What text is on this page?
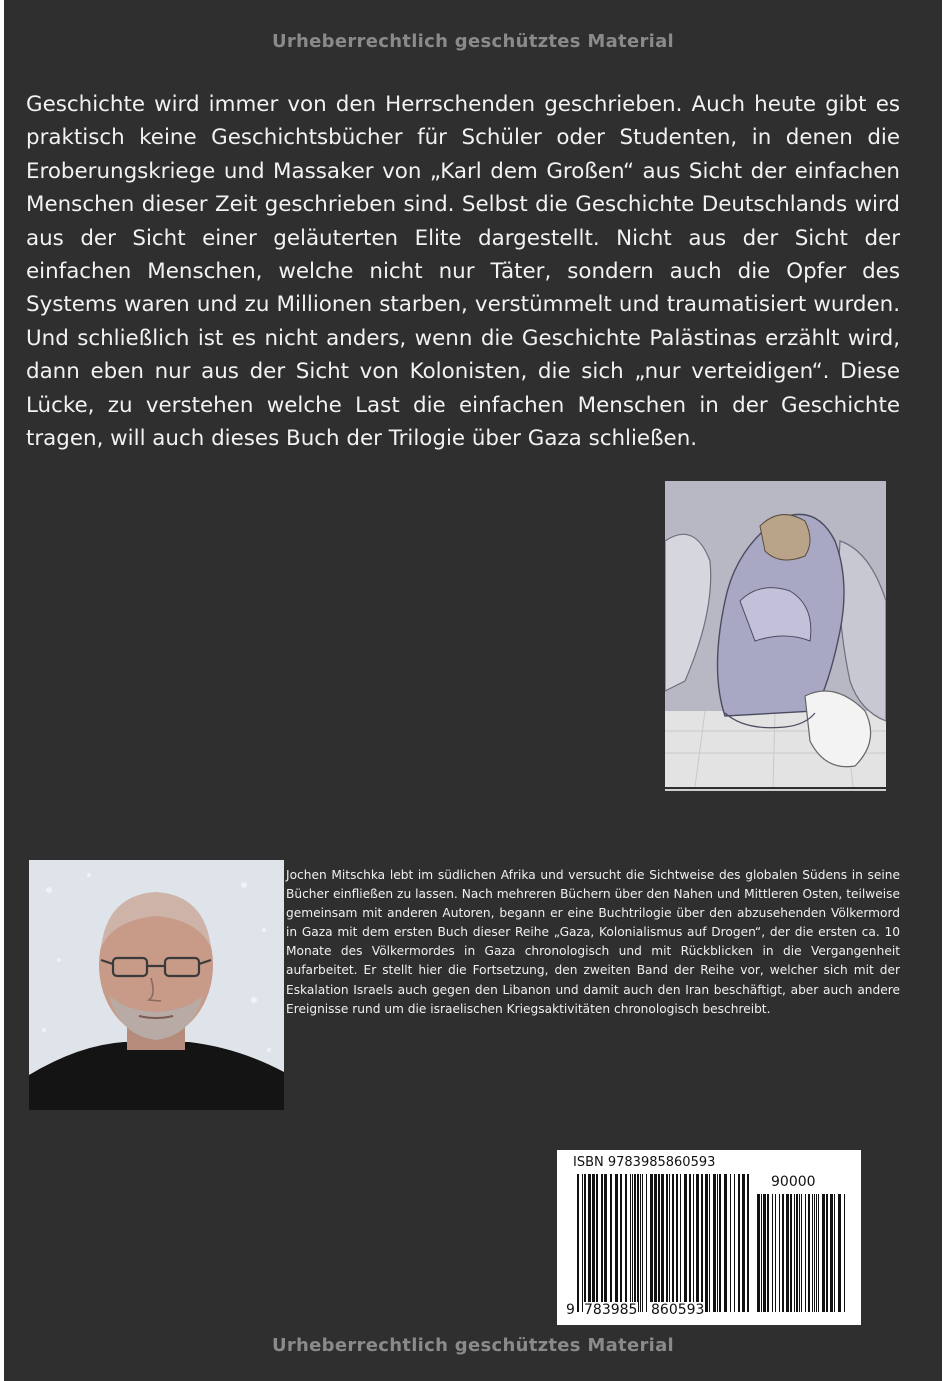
Urheberrechtlich geschütztes Material

Geschichte wird immer von den Herrschenden geschrieben. Auch heute gibt es praktisch keine Geschichtsbücher für Schüler oder Studenten, in denen die Eroberungskriege und Massaker von „Karl dem Großen“ aus Sicht der einfachen Menschen dieser Zeit geschrieben sind. Selbst die Geschichte Deutschlands wird aus der Sicht einer geläuterten Elite dargestellt. Nicht aus der Sicht der einfachen Menschen, welche nicht nur Täter, sondern auch die Opfer des Systems waren und zu Millionen starben, verstümmelt und traumatisiert wurden. Und schließlich ist es nicht anders, wenn die Geschichte Palästinas erzählt wird, dann eben nur aus der Sicht von Kolonisten, die sich „nur verteidigen“. Diese Lücke, zu verstehen welche Last die einfachen Menschen in der Geschichte tragen, will auch dieses Buch der Trilogie über Gaza schließen.

Jochen Mitschka lebt im südlichen Afrika und versucht die Sichtweise des globalen Südens in seine Bücher einfließen zu lassen. Nach mehreren Büchern über den Nahen und Mittleren Osten, teilweise gemeinsam mit anderen Autoren, begann er eine Buchtrilogie über den abzusehenden Völkermord in Gaza mit dem ersten Buch dieser Reihe „Gaza, Kolonialismus auf Drogen“, der die ersten ca. 10 Monate des Völkermordes in Gaza chronologisch und mit Rückblicken in die Vergangenheit aufarbeitet. Er stellt hier die Fortsetzung, den zweiten Band der Reihe vor, welcher sich mit der Eskalation Israels auch gegen den Libanon und damit auch den Iran beschäftigt, aber auch andere Ereignisse rund um die israelischen Kriegsaktivitäten chronologisch beschreibt.

ISBN 9783985860593
90000
9 783985 860593
Urheberrechtlich geschütztes Material
